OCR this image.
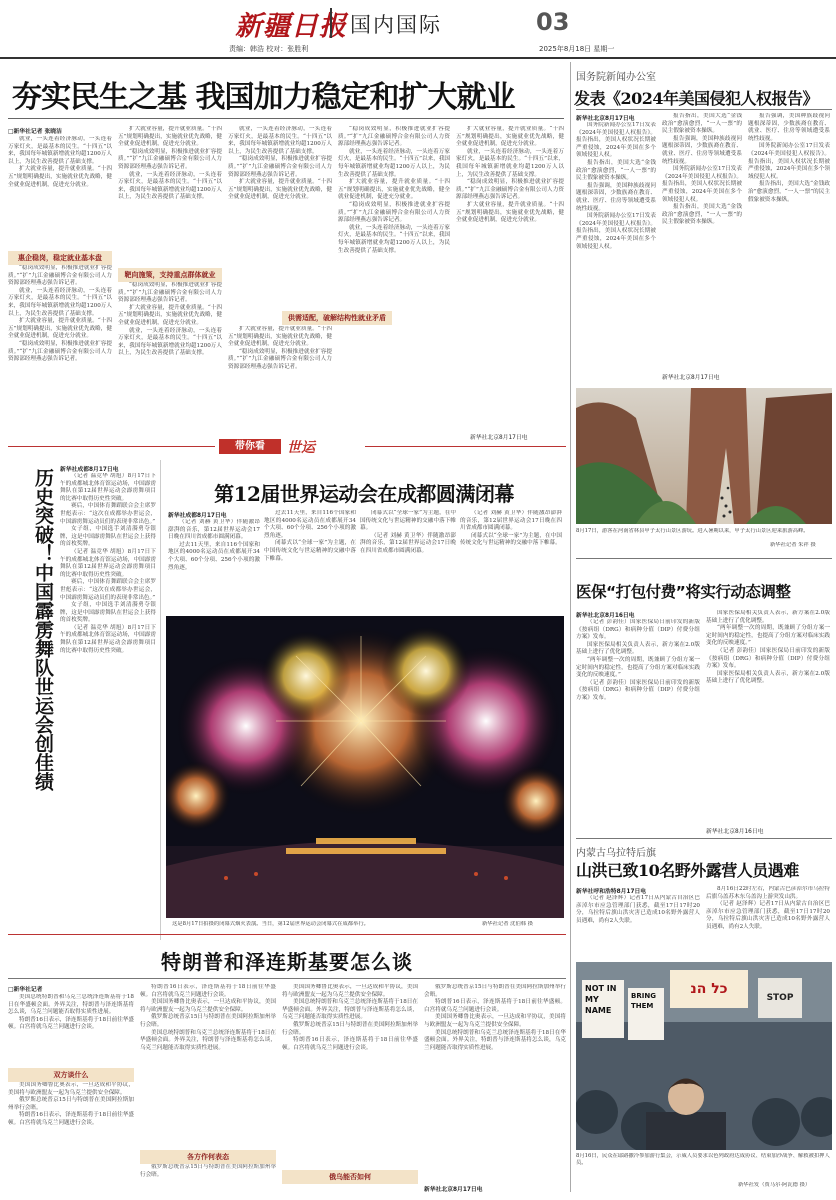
新疆日报 国内国际	03
责编：韩浩 校对：张胜利	2025年8月18日 星期一
夯实民生之基 我国加力稳定和扩大就业
□新华社记者 张晓洁

就业，一头连着经济脉动，一头连着万家灯火，是最基本的民生。“十四五”以来，我国每年城镇新增就业均超1200万人以上，为民生改善提供了基础支撑。

扩大就业容量，提升就业质量。“十四五”规划明确提出，实施就业优先战略，健全就业促进机制，促进充分就业。

惠企稳岗，稳定就业基本盘

“稳岗成效明显，积极推进就业扩容提质。”“扩”九江金融硕博合金有限公司人力资源部经理燕志强告诉记者。

就业，一头连着经济脉动，一头连着万家灯火，是最基本的民生。“十四五”以来，我国每年城镇新增就业均超1200万人以上，为民生改善提供了基础支撑。

扩大就业容量，提升就业质量。“十四五”规划明确提出，实施就业优先战略，健全就业促进机制，促进充分就业。

“稳岗成效明显，积极推进就业扩容提质。”“扩”九江金融硕博合金有限公司人力资源部经理燕志强告诉记者。

扩大就业容量，提升就业质量。“十四五”规划明确提出，实施就业优先战略，健全就业促进机制，促进充分就业。

“稳岗成效明显，积极推进就业扩容提质。”“扩”九江金融硕博合金有限公司人力资源部经理燕志强告诉记者。

就业，一头连着经济脉动，一头连着万家灯火，是最基本的民生。“十四五”以来，我国每年城镇新增就业均超1200万人以上，为民生改善提供了基础支撑。

靶向施策，支持重点群体就业

“稳岗成效明显，积极推进就业扩容提质。”“扩”九江金融硕博合金有限公司人力资源部经理燕志强告诉记者。

扩大就业容量，提升就业质量。“十四五”规划明确提出，实施就业优先战略，健全就业促进机制，促进充分就业。

就业，一头连着经济脉动，一头连着万家灯火，是最基本的民生。“十四五”以来，我国每年城镇新增就业均超1200万人以上，为民生改善提供了基础支撑。

就业，一头连着经济脉动，一头连着万家灯火，是最基本的民生。“十四五”以来，我国每年城镇新增就业均超1200万人以上，为民生改善提供了基础支撑。

“稳岗成效明显，积极推进就业扩容提质。”“扩”九江金融硕博合金有限公司人力资源部经理燕志强告诉记者。

扩大就业容量，提升就业质量。“十四五”规划明确提出，实施就业优先战略，健全就业促进机制，促进充分就业。

供需适配，破解结构性就业矛盾

扩大就业容量，提升就业质量。“十四五”规划明确提出，实施就业优先战略，健全就业促进机制，促进充分就业。

“稳岗成效明显，积极推进就业扩容提质。”“扩”九江金融硕博合金有限公司人力资源部经理燕志强告诉记者。

“稳岗成效明显，积极推进就业扩容提质。”“扩”九江金融硕博合金有限公司人力资源部经理燕志强告诉记者。

就业，一头连着经济脉动，一头连着万家灯火，是最基本的民生。“十四五”以来，我国每年城镇新增就业均超1200万人以上，为民生改善提供了基础支撑。

扩大就业容量，提升就业质量。“十四五”规划明确提出，实施就业优先战略，健全就业促进机制，促进充分就业。

“稳岗成效明显，积极推进就业扩容提质。”“扩”九江金融硕博合金有限公司人力资源部经理燕志强告诉记者。

就业，一头连着经济脉动，一头连着万家灯火，是最基本的民生。“十四五”以来，我国每年城镇新增就业均超1200万人以上，为民生改善提供了基础支撑。

扩大就业容量，提升就业质量。“十四五”规划明确提出，实施就业优先战略，健全就业促进机制，促进充分就业。

就业，一头连着经济脉动，一头连着万家灯火，是最基本的民生。“十四五”以来，我国每年城镇新增就业均超1200万人以上，为民生改善提供了基础支撑。

“稳岗成效明显，积极推进就业扩容提质。”“扩”九江金融硕博合金有限公司人力资源部经理燕志强告诉记者。

扩大就业容量，提升就业质量。“十四五”规划明确提出，实施就业优先战略，健全就业促进机制，促进充分就业。

新华社北京8月17日电
国务院新闻办公室
发表《2024年美国侵犯人权报告》
新华社北京8月17日电

国务院新闻办公室17日发表《2024年美国侵犯人权报告》。报告指出，美国人权状况长期被严重侵蚀，2024年美国在多个领域侵犯人权。

报告指出，美国大选“金钱政治”愈演愈烈，“一人一票”的民主假象被资本操纵。

报告强调，美国种族歧视问题根深蒂固，少数族裔在教育、就业、医疗、住房等领域遭受系统性歧视。

国务院新闻办公室17日发表《2024年美国侵犯人权报告》。报告指出，美国人权状况长期被严重侵蚀，2024年美国在多个领域侵犯人权。

报告指出，美国大选“金钱政治”愈演愈烈，“一人一票”的民主假象被资本操纵。

报告强调，美国种族歧视问题根深蒂固，少数族裔在教育、就业、医疗、住房等领域遭受系统性歧视。

国务院新闻办公室17日发表《2024年美国侵犯人权报告》。报告指出，美国人权状况长期被严重侵蚀，2024年美国在多个领域侵犯人权。

报告指出，美国大选“金钱政治”愈演愈烈，“一人一票”的民主假象被资本操纵。

报告强调，美国种族歧视问题根深蒂固，少数族裔在教育、就业、医疗、住房等领域遭受系统性歧视。

国务院新闻办公室17日发表《2024年美国侵犯人权报告》。报告指出，美国人权状况长期被严重侵蚀，2024年美国在多个领域侵犯人权。

报告指出，美国大选“金钱政治”愈演愈烈，“一人一票”的民主假象被资本操纵。

新华社北京8月17日电
8月17日，游客在河南省林县甲子太行山景区游玩。进入暑期以来，甲子太行山景区迎来旅游高峰。
新华社记者 朱祥 摄
带你看	世运
历史突破！中国霹雳舞队世运会创佳绩 新华社成都8月17日电

（记者 温竞华 胡旭）8月17日下午的成都城北体育馆运动场，中国霹雳舞队在第12届世界运动会霹雳舞项目的比赛中取得历史性突破。

赛后，中国体育舞蹈联合会主席罗世彪表示：“这次在成都举办世运会，中国霹雳舞运动员们的表现非常出色。”

女子组，中国选手刘清漪勇夺银牌，这是中国霹雳舞队在世运会上获得的首枚奖牌。

（记者 温竞华 胡旭）8月17日下午的成都城北体育馆运动场，中国霹雳舞队在第12届世界运动会霹雳舞项目的比赛中取得历史性突破。

赛后，中国体育舞蹈联合会主席罗世彪表示：“这次在成都举办世运会，中国霹雳舞运动员们的表现非常出色。”

女子组，中国选手刘清漪勇夺银牌，这是中国霹雳舞队在世运会上获得的首枚奖牌。

（记者 温竞华 胡旭）8月17日下午的成都城北体育馆运动场，中国霹雳舞队在第12届世界运动会霹雳舞项目的比赛中取得历史性突破。

第12届世界运动会在成都圆满闭幕
新华社成都8月17日电

（记者 刘赫 黄卫华）伴随激昂澎湃的音乐，第12届世界运动会17日晚在四川省成都市圆满闭幕。

过去11天里，来自116个国家和地区的4000名运动员在成都展开34个大项、60个分项、256个小项的激烈角逐。

过去11天里，来自116个国家和地区的4000名运动员在成都展开34个大项、60个分项、256个小项的激烈角逐。

闭幕式以“全球一家”为主题，在中国传统文化与世运精神的交融中落下帷幕。

闭幕式以“全球一家”为主题，在中国传统文化与世运精神的交融中落下帷幕。

（记者 刘赫 黄卫华）伴随激昂澎湃的音乐，第12届世界运动会17日晚在四川省成都市圆满闭幕。

（记者 刘赫 黄卫华）伴随激昂澎湃的音乐，第12届世界运动会17日晚在四川省成都市圆满闭幕。

闭幕式以“全球一家”为主题，在中国传统文化与世运精神的交融中落下帷幕。

这是8月17日拍摄的闭幕式烟火表演。当日，第12届世界运动会闭幕式在成都举行。	新华社记者 沈伯韩 摄
医保“打包付费”将实行动态调整
新华社北京8月16日电

（记者 彭韵佳）国家医保局日前印发的新版《按病组（DRG）和病种分值（DIP）付费分组方案》发布。

国家医保局相关负责人表示，新方案在2.0版基础上进行了优化调整。

“两年调整一次的周期，既兼顾了分组方案一定时间内的稳定性，也提高了分组方案对临床实践变化的反映速度。”

（记者 彭韵佳）国家医保局日前印发的新版《按病组（DRG）和病种分值（DIP）付费分组方案》发布。

国家医保局相关负责人表示，新方案在2.0版基础上进行了优化调整。

“两年调整一次的周期，既兼顾了分组方案一定时间内的稳定性，也提高了分组方案对临床实践变化的反映速度。”

（记者 彭韵佳）国家医保局日前印发的新版《按病组（DRG）和病种分值（DIP）付费分组方案》发布。

国家医保局相关负责人表示，新方案在2.0版基础上进行了优化调整。

新华社北京8月16日电
内蒙古乌拉特后旗
山洪已致10名野外露营人员遇难
新华社呼和浩特8月17日电

（记者 赵泽辉）记者17日从内蒙古自治区巴彦淖尔市应急管理部门获悉，截至17日17时20分，乌拉特后旗山洪灾害已造成10名野外露营人员遇难，尚有2人失联。

8月16日22时左右，内蒙古巴彦淖尔市乌拉特后旗乌盖苏木东乌盖沟上游突发山洪。

（记者 赵泽辉）记者17日从内蒙古自治区巴彦淖尔市应急管理部门获悉，截至17日17时20分，乌拉特后旗山洪灾害已造成10名野外露营人员遇难，尚有2人失联。

NOT IN MY NAME
כל הנ
BRING THEM
STOP
8月16日，民众在耶路撒冷参加游行集会，示威人员要求以色列政府达成协议、结束加沙战争、解救被扣押人员。
新华社发（贾马尔·阿瓦德 摄）
特朗普和泽连斯基要怎么谈
□新华社记者

美国总统特朗普和乌克兰总统泽连斯基将于18日在华盛顿会面。外界关注，特朗普与泽连斯基将怎么谈，乌克兰问题能否取得实质性进展。

特朗普16日表示，泽连斯基将于18日前往华盛顿。白宫将就乌克兰问题进行会谈。

双方谈什么

美国国务卿鲁比奥表示，一旦达成和平协议，美国将与欧洲盟友一起为乌克兰提供安全保障。

俄罗斯总统普京15日与特朗普在美国阿拉斯加州举行会晤。

特朗普16日表示，泽连斯基将于18日前往华盛顿。白宫将就乌克兰问题进行会谈。

特朗普16日表示，泽连斯基将于18日前往华盛顿。白宫将就乌克兰问题进行会谈。

美国国务卿鲁比奥表示，一旦达成和平协议，美国将与欧洲盟友一起为乌克兰提供安全保障。

俄罗斯总统普京15日与特朗普在美国阿拉斯加州举行会晤。

美国总统特朗普和乌克兰总统泽连斯基将于18日在华盛顿会面。外界关注，特朗普与泽连斯基将怎么谈，乌克兰问题能否取得实质性进展。

各方作何表态

俄罗斯总统普京15日与特朗普在美国阿拉斯加州举行会晤。

美国国务卿鲁比奥表示，一旦达成和平协议，美国将与欧洲盟友一起为乌克兰提供安全保障。

美国总统特朗普和乌克兰总统泽连斯基将于18日在华盛顿会面。外界关注，特朗普与泽连斯基将怎么谈，乌克兰问题能否取得实质性进展。

俄罗斯总统普京15日与特朗普在美国阿拉斯加州举行会晤。

特朗普16日表示，泽连斯基将于18日前往华盛顿。白宫将就乌克兰问题进行会谈。

俄乌能否如何

俄罗斯总统普京15日与特朗普在美国阿拉斯加州举行会晤。

特朗普16日表示，泽连斯基将于18日前往华盛顿。白宫将就乌克兰问题进行会谈。

美国国务卿鲁比奥表示，一旦达成和平协议，美国将与欧洲盟友一起为乌克兰提供安全保障。

美国总统特朗普和乌克兰总统泽连斯基将于18日在华盛顿会面。外界关注，特朗普与泽连斯基将怎么谈，乌克兰问题能否取得实质性进展。

新华社北京8月17日电
